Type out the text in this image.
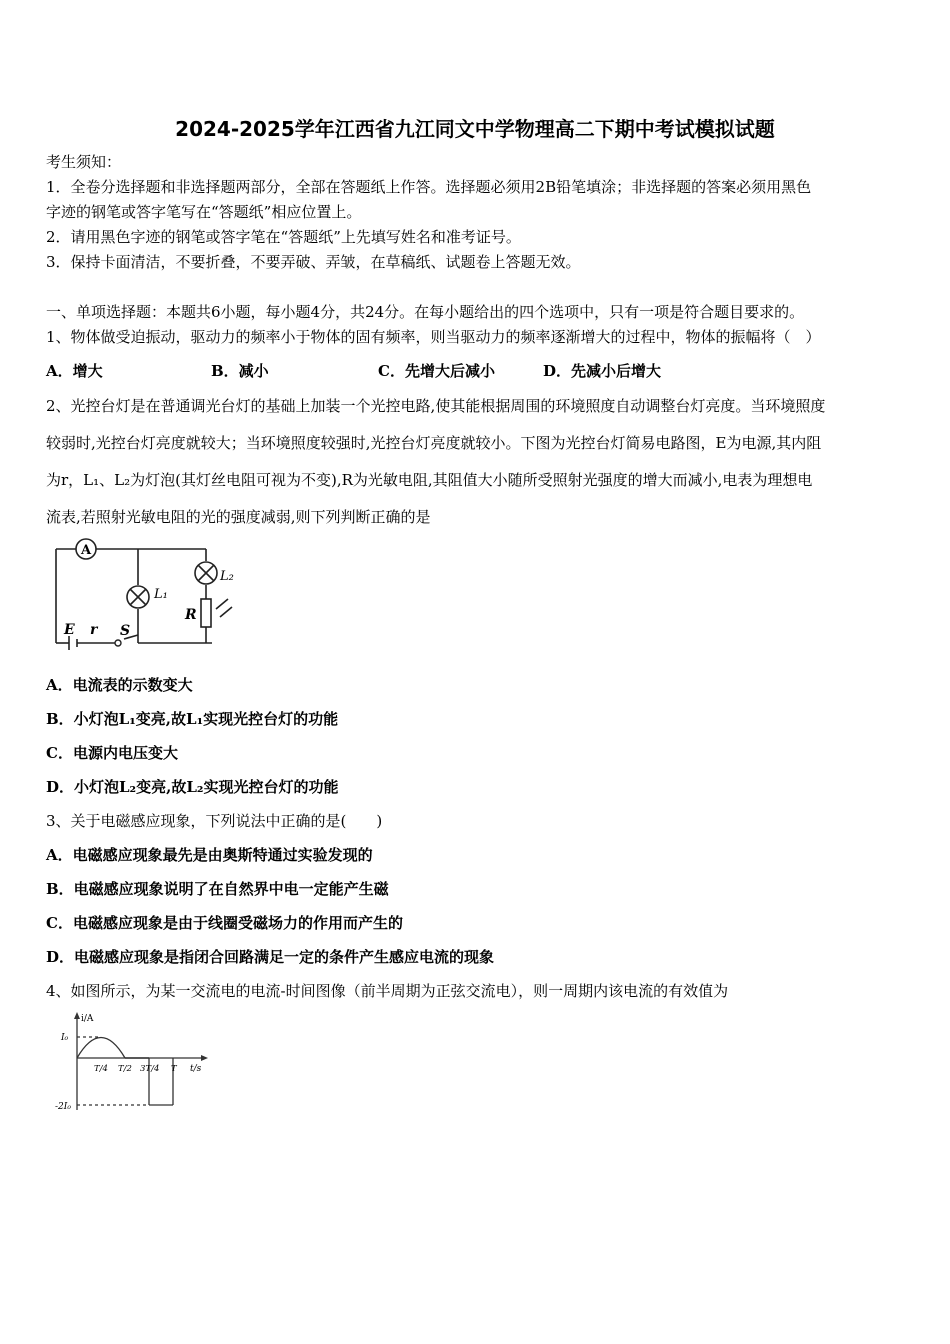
2024-2025学年江西省九江同文中学物理高二下期中考试模拟试题
考生须知：
1．全卷分选择题和非选择题两部分，全部在答题纸上作答。选择题必须用2B铅笔填涂；非选择题的答案必须用黑色
字迹的钢笔或答字笔写在“答题纸”相应位置上。
2．请用黑色字迹的钢笔或答字笔在“答题纸”上先填写姓名和准考证号。
3．保持卡面清洁，不要折叠，不要弄破、弄皱，在草稿纸、试题卷上答题无效。
一、单项选择题：本题共6小题，每小题4分，共24分。在每小题给出的四个选项中，只有一项是符合题目要求的。
1、物体做受迫振动，驱动力的频率小于物体的固有频率，则当驱动力的频率逐渐增大的过程中，物体的振幅将（　）
A．增大	B．减小	C．先增大后减小	D．先减小后增大
2、光控台灯是在普通调光台灯的基础上加装一个光控电路,使其能根据周围的环境照度自动调整台灯亮度。当环境照度
较弱时,光控台灯亮度就较大；当环境照度较强时,光控台灯亮度就较小。下图为光控台灯简易电路图，E为电源,其内阻
为r，L₁、L₂为灯泡(其灯丝电阻可视为不变),R为光敏电阻,其阻值大小随所受照射光强度的增大而减小,电表为理想电
流表,若照射光敏电阻的光的强度减弱,则下列判断正确的是
A
L₁
L₂
R
E r S
A．电流表的示数变大
B．小灯泡L₁变亮,故L₁实现光控台灯的功能
C．电源内电压变大
D．小灯泡L₂变亮,故L₂实现光控台灯的功能
3、关于电磁感应现象，下列说法中正确的是(　　)
A．电磁感应现象最先是由奥斯特通过实验发现的
B．电磁感应现象说明了在自然界中电一定能产生磁
C．电磁感应现象是由于线圈受磁场力的作用而产生的
D．电磁感应现象是指闭合回路满足一定的条件产生感应电流的现象
4、如图所示，为某一交流电的电流-时间图像（前半周期为正弦交流电），则一周期内该电流的有效值为
i/A
t/s
I₀
-2I₀
T/4 T/2 3T/4 T
